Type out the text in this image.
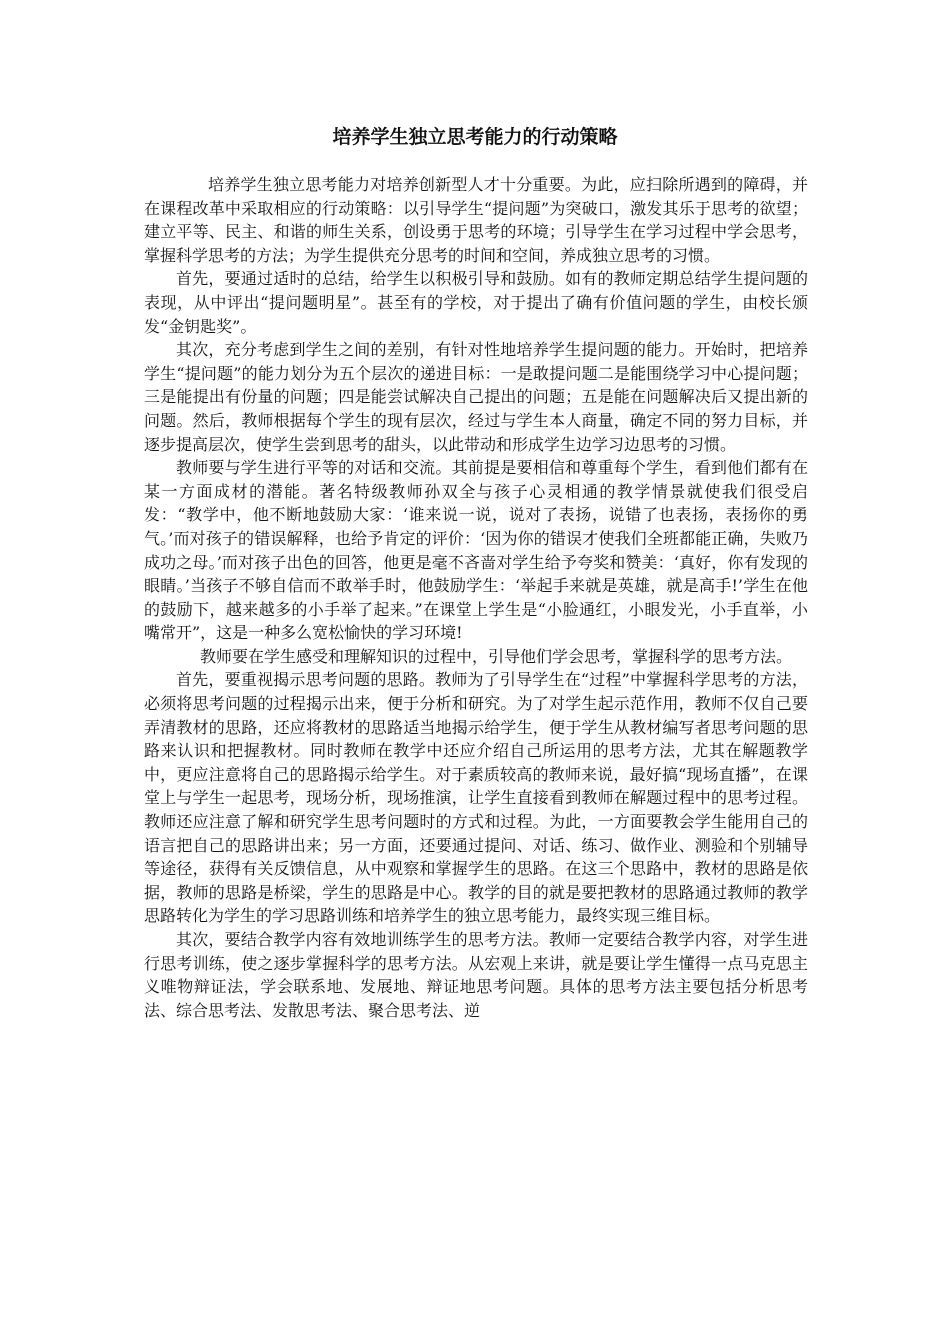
培养学生独立思考能力的行动策略

培养学生独立思考能力对培养创新型人才十分重要。为此，应扫除所遇到的障碍，并在课程改革中采取相应的行动策略：以引导学生“提问题”为突破口，激发其乐于思考的欲望；建立平等、民主、和谐的师生关系，创设勇于思考的环境；引导学生在学习过程中学会思考，掌握科学思考的方法；为学生提供充分思考的时间和空间，养成独立思考的习惯。

首先，要通过适时的总结，给学生以积极引导和鼓励。如有的教师定期总结学生提问题的表现，从中评出“提问题明星”。甚至有的学校，对于提出了确有价值问题的学生，由校长颁发“金钥匙奖”。

其次，充分考虑到学生之间的差别，有针对性地培养学生提问题的能力。开始时，把培养学生“提问题”的能力划分为五个层次的递进目标：一是敢提问题二是能围绕学习中心提问题；三是能提出有份量的问题；四是能尝试解决自己提出的问题；五是能在问题解决后又提出新的问题。然后，教师根据每个学生的现有层次，经过与学生本人商量，确定不同的努力目标，并逐步提高层次，使学生尝到思考的甜头，以此带动和形成学生边学习边思考的习惯。

教师要与学生进行平等的对话和交流。其前提是要相信和尊重每个学生，看到他们都有在某一方面成材的潜能。著名特级教师孙双全与孩子心灵相通的教学情景就使我们很受启发：“教学中，他不断地鼓励大家：‘谁来说一说，说对了表扬，说错了也表扬，表扬你的勇气。’而对孩子的错误解释，也给予肯定的评价：‘因为你的错误才使我们全班都能正确，失败乃成功之母。’而对孩子出色的回答，他更是毫不吝啬对学生给予夸奖和赞美：‘真好，你有发现的眼睛。’当孩子不够自信而不敢举手时，他鼓励学生：‘举起手来就是英雄，就是高手!’学生在他的鼓励下，越来越多的小手举了起来。”在课堂上学生是“小脸通红，小眼发光，小手直举，小嘴常开”，这是一种多么宽松愉快的学习环境!

教师要在学生感受和理解知识的过程中，引导他们学会思考，掌握科学的思考方法。

首先，要重视揭示思考问题的思路。教师为了引导学生在“过程”中掌握科学思考的方法，必须将思考问题的过程揭示出来，便于分析和研究。为了对学生起示范作用，教师不仅自己要弄清教材的思路，还应将教材的思路适当地揭示给学生，便于学生从教材编写者思考问题的思路来认识和把握教材。同时教师在教学中还应介绍自己所运用的思考方法，尤其在解题教学中，更应注意将自己的思路揭示给学生。对于素质较高的教师来说，最好搞“现场直播”，在课堂上与学生一起思考，现场分析，现场推演，让学生直接看到教师在解题过程中的思考过程。教师还应注意了解和研究学生思考问题时的方式和过程。为此，一方面要教会学生能用自己的语言把自己的思路讲出来；另一方面，还要通过提问、对话、练习、做作业、测验和个别辅导等途径，获得有关反馈信息，从中观察和掌握学生的思路。在这三个思路中，教材的思路是依据，教师的思路是桥梁，学生的思路是中心。教学的目的就是要把教材的思路通过教师的教学思路转化为学生的学习思路训练和培养学生的独立思考能力，最终实现三维目标。

其次，要结合教学内容有效地训练学生的思考方法。教师一定要结合教学内容，对学生进行思考训练，使之逐步掌握科学的思考方法。从宏观上来讲，就是要让学生懂得一点马克思主义唯物辩证法，学会联系地、发展地、辩证地思考问题。具体的思考方法主要包括分析思考法、综合思考法、发散思考法、聚合思考法、逆
